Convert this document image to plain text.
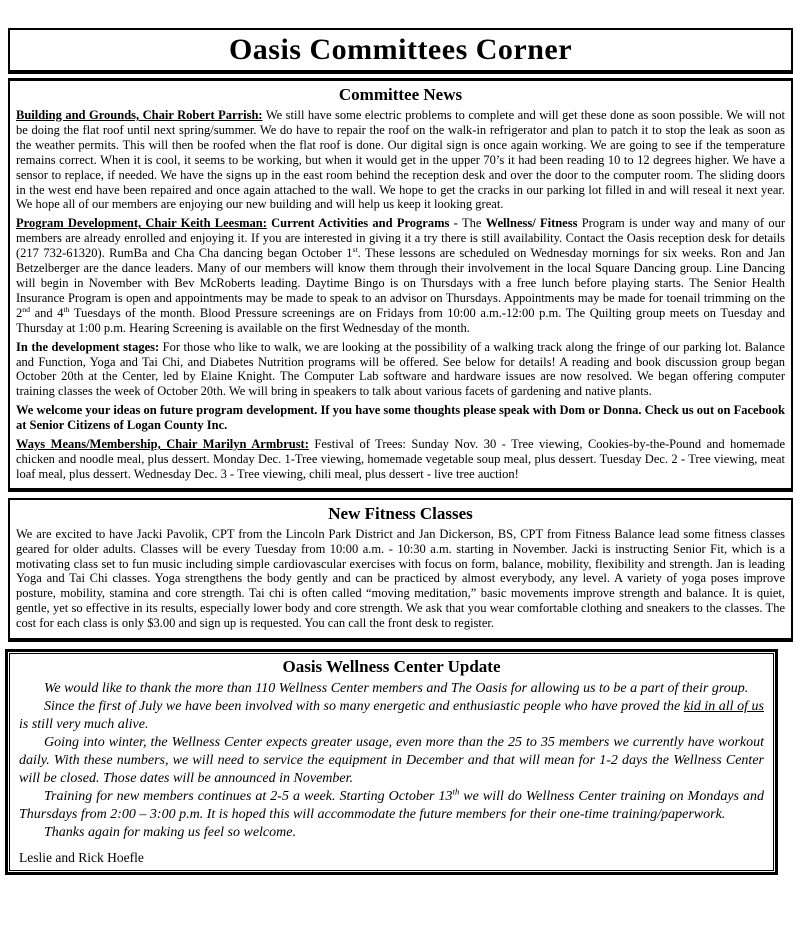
Oasis Committees Corner
Committee News

Building and Grounds, Chair Robert Parrish: We still have some electric problems to complete and will get these done as soon possible. We will not be doing the flat roof until next spring/summer. We do have to repair the roof on the walk-in refrigerator and plan to patch it to stop the leak as soon as the weather permits. This will then be roofed when the flat roof is done. Our digital sign is once again working. We are going to see if the temperature remains correct. When it is cool, it seems to be working, but when it would get in the upper 70’s it had been reading 10 to 12 degrees higher. We have a sensor to replace, if needed. We have the signs up in the east room behind the reception desk and over the door to the computer room. The sliding doors in the west end have been repaired and once again attached to the wall. We hope to get the cracks in our parking lot filled in and will reseal it next year. We hope all of our members are enjoying our new building and will help us keep it looking great.

Program Development, Chair Keith Leesman: Current Activities and Programs - The Wellness/ Fitness Program is under way and many of our members are already enrolled and enjoying it. If you are interested in giving it a try there is still availability. Contact the Oasis reception desk for details (217 732-61320). RumBa and Cha Cha dancing began October 1st. These lessons are scheduled on Wednesday mornings for six weeks. Ron and Jan Betzelberger are the dance leaders. Many of our members will know them through their involvement in the local Square Dancing group. Line Dancing will begin in November with Bev McRoberts leading. Daytime Bingo is on Thursdays with a free lunch before playing starts. The Senior Health Insurance Program is open and appointments may be made to speak to an advisor on Thursdays. Appointments may be made for toenail trimming on the 2nd and 4th Tuesdays of the month. Blood Pressure screenings are on Fridays from 10:00 a.m.-12:00 p.m. The Quilting group meets on Tuesday and Thursday at 1:00 p.m. Hearing Screening is available on the first Wednesday of the month.

In the development stages: For those who like to walk, we are looking at the possibility of a walking track along the fringe of our parking lot. Balance and Function, Yoga and Tai Chi, and Diabetes Nutrition programs will be offered. See below for details! A reading and book discussion group began October 20th at the Center, led by Elaine Knight. The Computer Lab software and hardware issues are now resolved. We began offering computer training classes the week of October 20th. We will bring in speakers to talk about various facets of gardening and native plants.

We welcome your ideas on future program development. If you have some thoughts please speak with Dom or Donna. Check us out on Facebook at Senior Citizens of Logan County Inc.

Ways Means/Membership, Chair Marilyn Armbrust: Festival of Trees: Sunday Nov. 30 - Tree viewing, Cookies-by-the-Pound and homemade chicken and noodle meal, plus dessert. Monday Dec. 1-Tree viewing, homemade vegetable soup meal, plus dessert. Tuesday Dec. 2 - Tree viewing, meat loaf meal, plus dessert. Wednesday Dec. 3 - Tree viewing, chili meal, plus dessert - live tree auction!

New Fitness Classes

We are excited to have Jacki Pavolik, CPT from the Lincoln Park District and Jan Dickerson, BS, CPT from Fitness Balance lead some fitness classes geared for older adults. Classes will be every Tuesday from 10:00 a.m. - 10:30 a.m. starting in November. Jacki is instructing Senior Fit, which is a motivating class set to fun music including simple cardiovascular exercises with focus on form, balance, mobility, flexibility and strength. Jan is leading Yoga and Tai Chi classes. Yoga strengthens the body gently and can be practiced by almost everybody, any level. A variety of yoga poses improve posture, mobility, stamina and core strength. Tai chi is often called “moving meditation,” basic movements improve strength and balance. It is quiet, gentle, yet so effective in its results, especially lower body and core strength. We ask that you wear comfortable clothing and sneakers to the classes. The cost for each class is only $3.00 and sign up is requested. You can call the front desk to register.

Oasis Wellness Center Update

We would like to thank the more than 110 Wellness Center members and The Oasis for allowing us to be a part of their group.

Since the first of July we have been involved with so many energetic and enthusiastic people who have proved the kid in all of us is still very much alive.

Going into winter, the Wellness Center expects greater usage, even more than the 25 to 35 members we currently have workout daily. With these numbers, we will need to service the equipment in December and that will mean for 1-2 days the Wellness Center will be closed. Those dates will be announced in November.

Training for new members continues at 2-5 a week. Starting October 13th we will do Wellness Center training on Mondays and Thursdays from 2:00 – 3:00 p.m. It is hoped this will accommodate the future members for their one-time training/paperwork.

Thanks again for making us feel so welcome.

Leslie and Rick Hoefle
